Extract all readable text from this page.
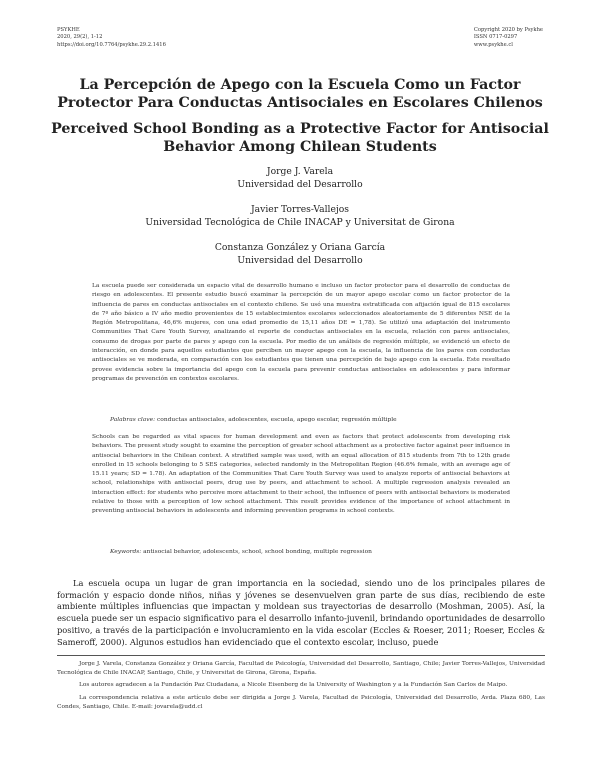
PSYKHE
2020, 29(2), 1-12
https://doi.org/10.7764/psykhe.29.2.1416
Copyright 2020 by Psykhe
ISSN 0717-0297
www.psykhe.cl
La Percepción de Apego con la Escuela Como un Factor Protector Para Conductas Antisociales en Escolares Chilenos
Perceived School Bonding as a Protective Factor for Antisocial Behavior Among Chilean Students
Jorge J. Varela
Universidad del Desarrollo
Javier Torres-Vallejos
Universidad Tecnológica de Chile INACAP y Universitat de Girona
Constanza González y Oriana García
Universidad del Desarrollo
La escuela puede ser considerada un espacio vital de desarrollo humano e incluso un factor protector para el desarrollo de conductas de riesgo en adolescentes. El presente estudio buscó examinar la percepción de un mayor apego escolar como un factor protector de la influencia de pares en conductas antisociales en el contexto chileno. Se usó una muestra estratificada con afijación igual de 815 escolares de 7º año básico a IV año medio provenientes de 15 establecimientos escolares seleccionados aleatoriamente de 5 diferentes NSE de la Región Metropolitana, 46,6% mujeres, con una edad promedio de 15,11 años DE = 1,78). Se utilizó una adaptación del instrumento Communities That Care Youth Survey, analizando el reporte de conductas antisociales en la escuela, relación con pares antisociales, consumo de drogas por parte de pares y apego con la escuela. Por medio de un análisis de regresión múltiple, se evidenció un efecto de interacción, en donde para aquellos estudiantes que perciben un mayor apego con la escuela, la influencia de los pares con conductas antisociales se ve moderada, en comparación con los estudiantes que tienen una percepción de bajo apego con la escuela. Este resultado provee evidencia sobre la importancia del apego con la escuela para prevenir conductas antisociales en adolescentes y para informar programas de prevención en contextos escolares.
Palabras clave: conductas antisociales, adolescentes, escuela, apego escolar, regresión múltiple
Schools can be regarded as vital spaces for human development and even as factors that protect adolescents from developing risk behaviors. The present study sought to examine the perception of greater school attachment as a protective factor against peer influence in antisocial behaviors in the Chilean context. A stratified sample was used, with an equal allocation of 815 students from 7th to 12th grade enrolled in 15 schools belonging to 5 SES categories, selected randomly in the Metropolitan Region (46.6% female, with an average age of 15.11 years; SD = 1.78). An adaptation of the Communities That Care Youth Survey was used to analyze reports of antisocial behaviors at school, relationships with antisocial peers, drug use by peers, and attachment to school. A multiple regression analysis revealed an interaction effect: for students who perceive more attachment to their school, the influence of peers with antisocial behaviors is moderated relative to those with a perception of low school attachment. This result provides evidence of the importance of school attachment in preventing antisocial behaviors in adolescents and informing prevention programs in school contexts.
Keywords: antisocial behavior, adolescents, school, school bonding, multiple regression
La escuela ocupa un lugar de gran importancia en la sociedad, siendo uno de los principales pilares de formación y espacio donde niños, niñas y jóvenes se desenvuelven gran parte de sus días, recibiendo de este ambiente múltiples influencias que impactan y moldean sus trayectorias de desarrollo (Moshman, 2005). Así, la escuela puede ser un espacio significativo para el desarrollo infanto-juvenil, brindando oportunidades de desarrollo positivo, a través de la participación e involucramiento en la vida escolar (Eccles & Roeser, 2011; Roeser, Eccles & Sameroff, 2000). Algunos estudios han evidenciado que el contexto escolar, incluso, puede

Jorge J. Varela, Constanza González y Oriana García, Facultad de Psicología, Universidad del Desarrollo, Santiago, Chile; Javier Torres-Vallejos, Universidad Tecnológica de Chile INACAP, Santiago, Chile, y Universitat de Girona, Girona, España.

Los autores agradecen a la Fundación Paz Ciudadana, a Nicole Eisenberg de la University of Washington y a la Fundación San Carlos de Maipo.

La correspondencia relativa a este artículo debe ser dirigida a Jorge J. Varela, Facultad de Psicología, Universidad del Desarrollo, Avda. Plaza 680, Las Condes, Santiago, Chile. E-mail: jovarela@udd.cl
